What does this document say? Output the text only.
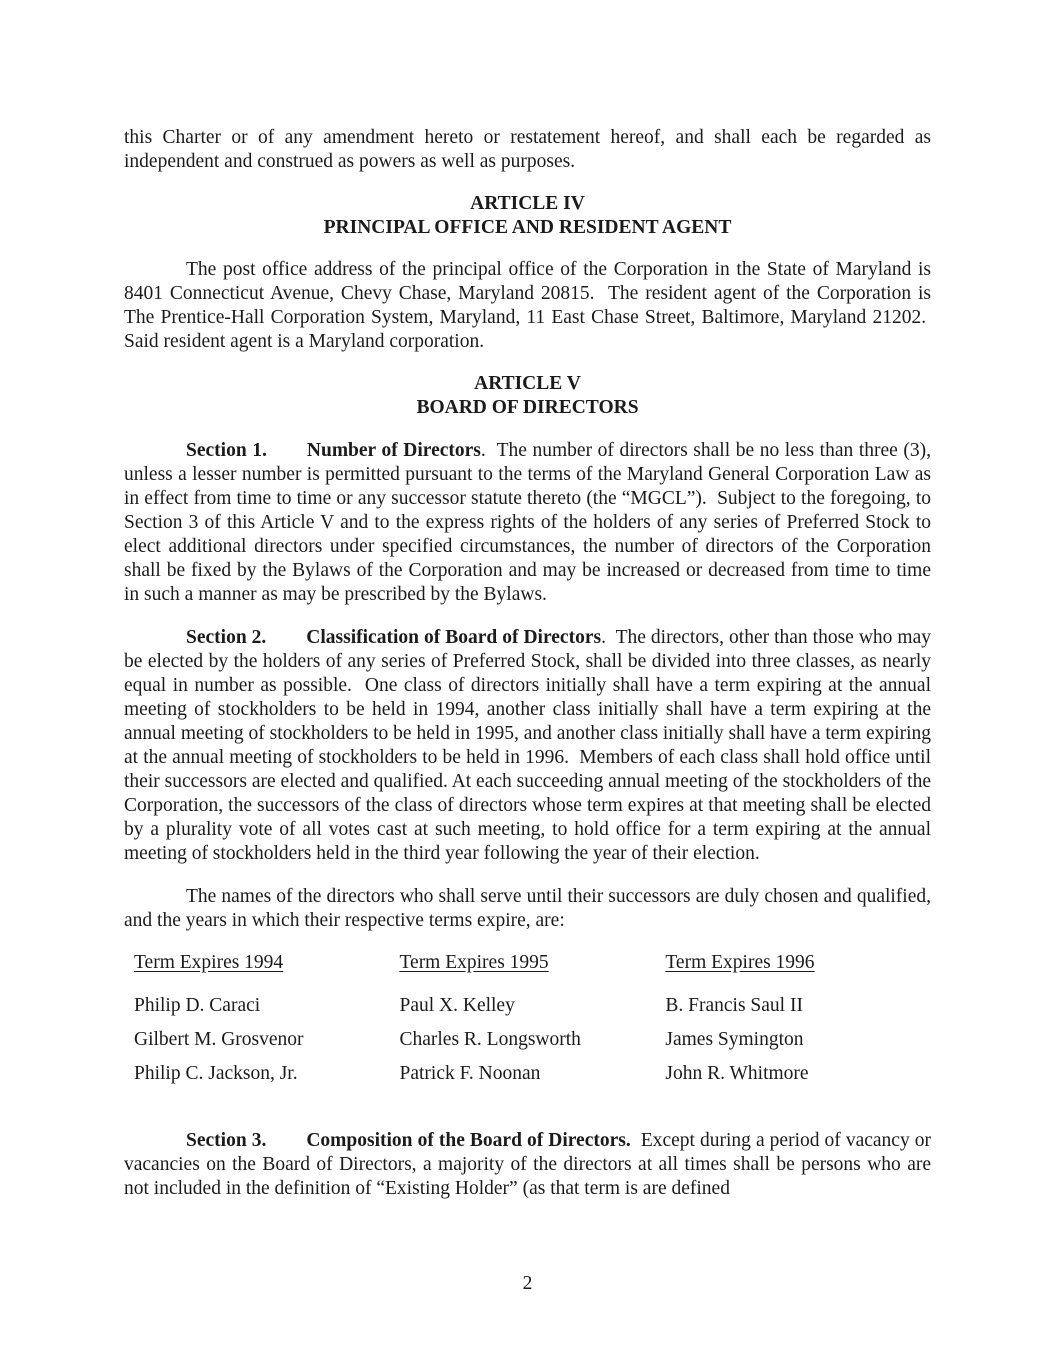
this Charter or of any amendment hereto or restatement hereof, and shall each be regarded as independent and construed as powers as well as purposes.

ARTICLE IV
PRINCIPAL OFFICE AND RESIDENT AGENT

The post office address of the principal office of the Corporation in the State of Maryland is 8401 Connecticut Avenue, Chevy Chase, Maryland 20815.  The resident agent of the Corporation is The Prentice-Hall Corporation System, Maryland, 11 East Chase Street, Baltimore, Maryland 21202.  Said resident agent is a Maryland corporation.

ARTICLE V
BOARD OF DIRECTORS

Section 1. Number of Directors.  The number of directors shall be no less than three (3), unless a lesser number is permitted pursuant to the terms of the Maryland General Corporation Law as in effect from time to time or any successor statute thereto (the “MGCL”).  Subject to the foregoing, to Section 3 of this Article V and to the express rights of the holders of any series of Preferred Stock to elect additional directors under specified circumstances, the number of directors of the Corporation shall be fixed by the Bylaws of the Corporation and may be increased or decreased from time to time in such a manner as may be prescribed by the Bylaws.

Section 2. Classification of Board of Directors.  The directors, other than those who may be elected by the holders of any series of Preferred Stock, shall be divided into three classes, as nearly equal in number as possible.  One class of directors initially shall have a term expiring at the annual meeting of stockholders to be held in 1994, another class initially shall have a term expiring at the annual meeting of stockholders to be held in 1995, and another class initially shall have a term expiring at the annual meeting of stockholders to be held in 1996.  Members of each class shall hold office until their successors are elected and qualified. At each succeeding annual meeting of the stockholders of the Corporation, the successors of the class of directors whose term expires at that meeting shall be elected by a plurality vote of all votes cast at such meeting, to hold office for a term expiring at the annual meeting of stockholders held in the third year following the year of their election.

The names of the directors who shall serve until their successors are duly chosen and qualified, and the years in which their respective terms expire, are:

Term Expires 1994	Term Expires 1995	Term Expires 1996
Philip D. Caraci	Paul X. Kelley	B. Francis Saul II
Gilbert M. Grosvenor	Charles R. Longsworth	James Symington
Philip C. Jackson, Jr.	Patrick F. Noonan	John R. Whitmore

Section 3. Composition of the Board of Directors.  Except during a period of vacancy or vacancies on the Board of Directors, a majority of the directors at all times shall be persons who are not included in the definition of “Existing Holder” (as that term is are defined

2
